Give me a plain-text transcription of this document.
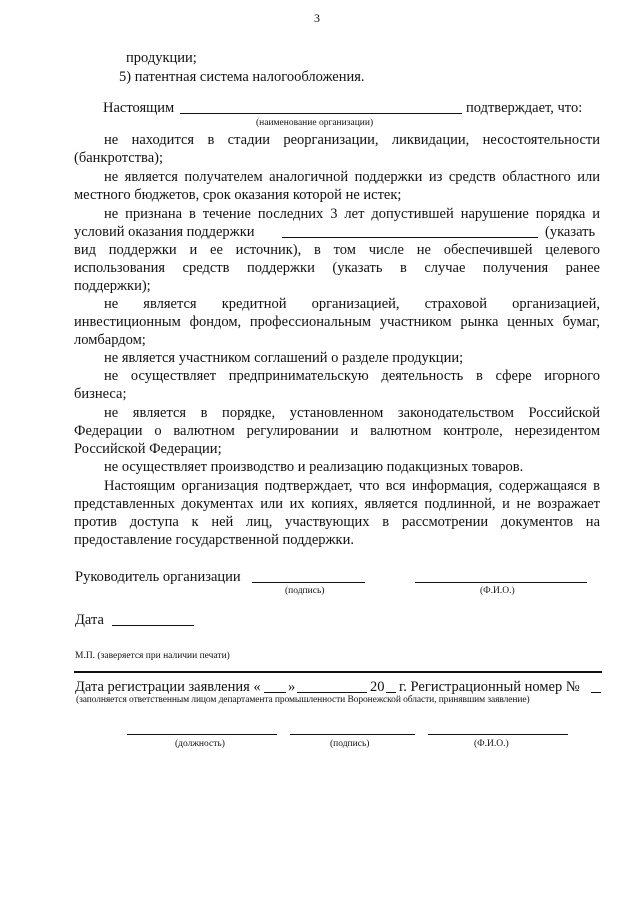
3
продукции;
5) патентная система налогообложения.
Настоящим	подтверждает, что:
(наименование организации)
не находится в стадии реорганизации, ликвидации, несостоятельности
(банкротства);
не является получателем аналогичной поддержки из средств областного или
местного бюджетов, срок оказания которой не истек;
не признана в течение последних 3 лет допустившей нарушение порядка и
условий оказания поддержки	(указать
вид поддержки и ее источник), в том числе не обеспечившей целевого
использования средств поддержки (указать в случае получения ранее
поддержки);
не является кредитной организацией, страховой организацией,
инвестиционным фондом, профессиональным участником рынка ценных бумаг,
ломбардом;
не является участником соглашений о разделе продукции;
не осуществляет предпринимательскую деятельность в сфере игорного
бизнеса;
не является в порядке, установленном законодательством Российской
Федерации о валютном регулировании и валютном контроле, нерезидентом
Российской Федерации;
не осуществляет производство и реализацию подакцизных товаров.
Настоящим организация подтверждает, что вся информация, содержащаяся в
представленных документах или их копиях, является подлинной, и не возражает
против доступа к ней лиц, участвующих в рассмотрении документов на
предоставление государственной поддержки.
Руководитель организации
(подпись)	(Ф.И.О.)
Дата
М.П. (заверяется при наличии печати)
Дата регистрации заявления « »	20 г. Регистрационный номер №
(заполняется ответственным лицом департамента промышленности Воронежской области, принявшим заявление)
(должность)	(подпись)	(Ф.И.О.)
